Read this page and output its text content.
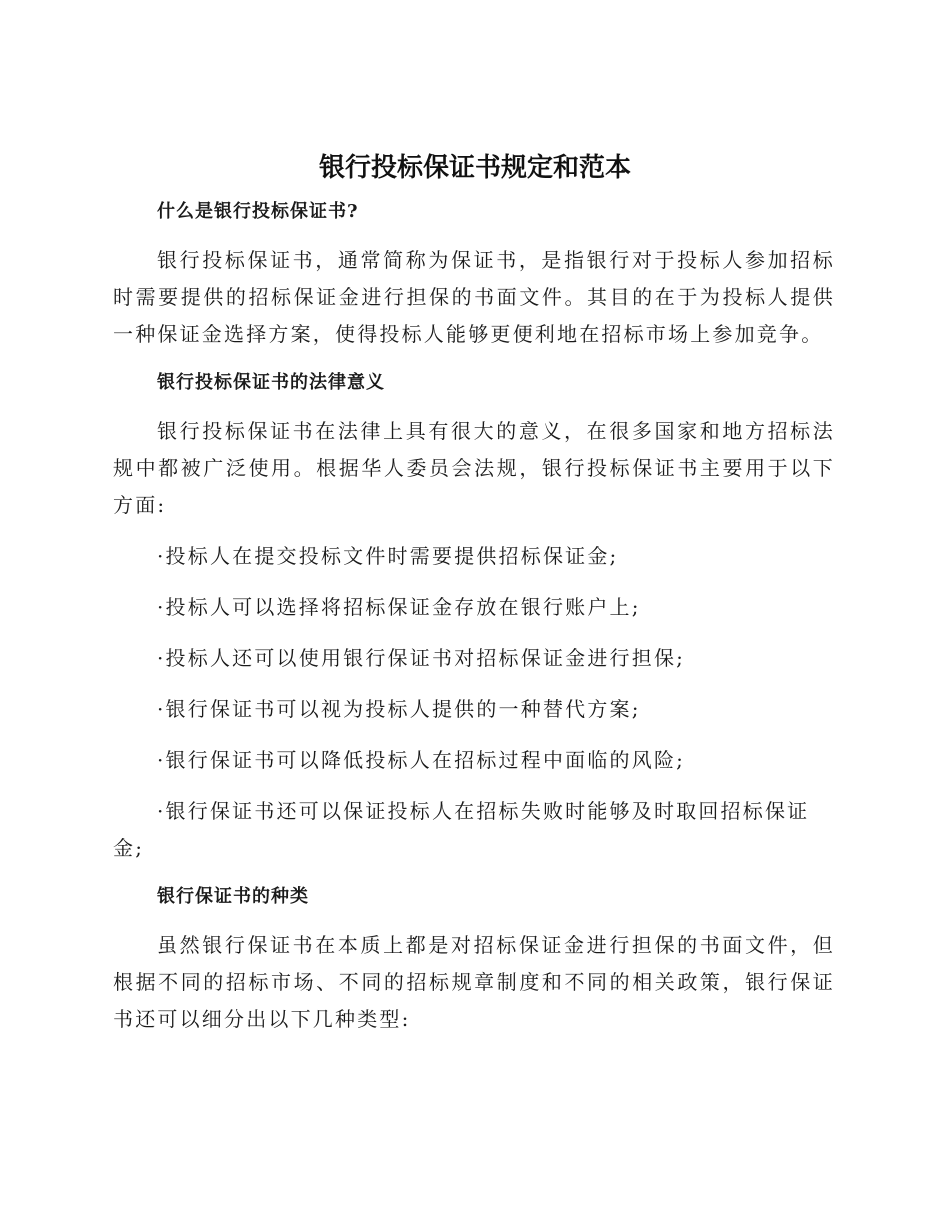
银行投标保证书规定和范本

什么是银行投标保证书?

银行投标保证书，通常简称为保证书，是指银行对于投标人参加招标时需要提供的招标保证金进行担保的书面文件。其目的在于为投标人提供一种保证金选择方案，使得投标人能够更便利地在招标市场上参加竞争。

银行投标保证书的法律意义

银行投标保证书在法律上具有很大的意义，在很多国家和地方招标法规中都被广泛使用。根据华人委员会法规，银行投标保证书主要用于以下方面:

·投标人在提交投标文件时需要提供招标保证金;

·投标人可以选择将招标保证金存放在银行账户上;

·投标人还可以使用银行保证书对招标保证金进行担保;

·银行保证书可以视为投标人提供的一种替代方案;

·银行保证书可以降低投标人在招标过程中面临的风险;

·银行保证书还可以保证投标人在招标失败时能够及时取回招标保证金;

银行保证书的种类

虽然银行保证书在本质上都是对招标保证金进行担保的书面文件，但根据不同的招标市场、不同的招标规章制度和不同的相关政策，银行保证书还可以细分出以下几种类型:
